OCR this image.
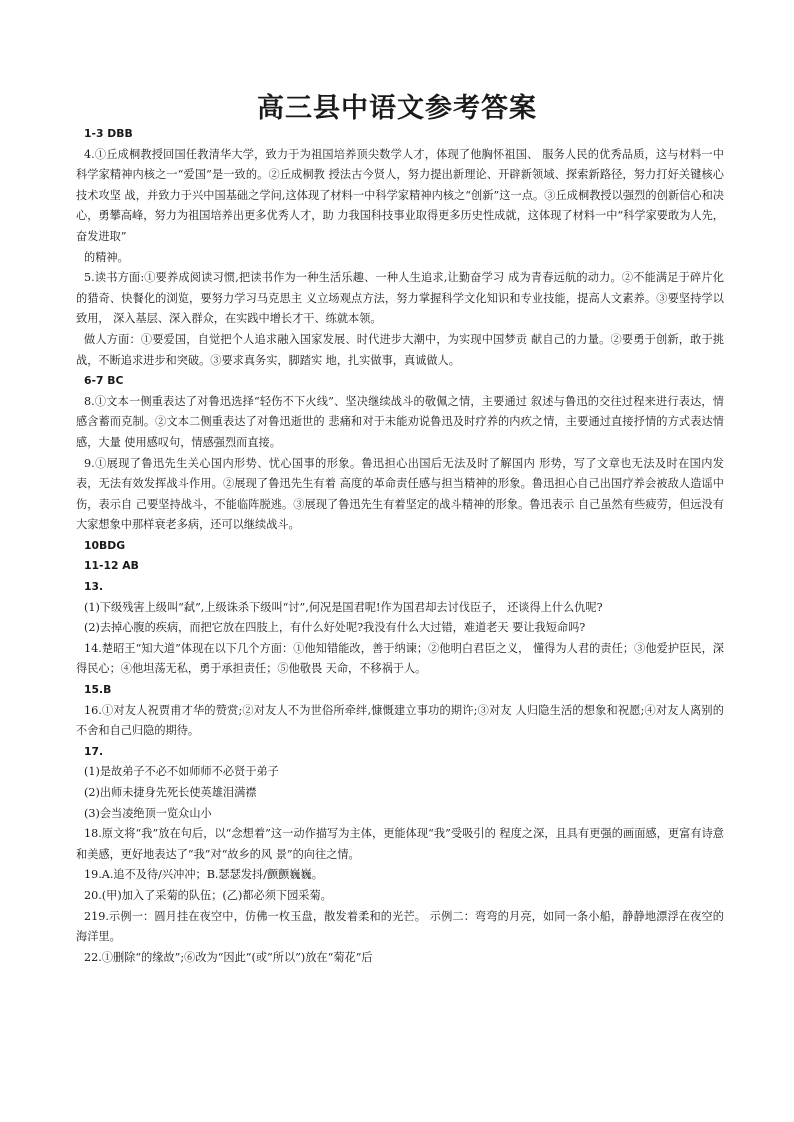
高三县中语文参考答案
1-3 DBB
4.①丘成桐教授回国任教清华大学，致力于为祖国培养顶尖数学人才，体现了他胸怀祖国、 服务人民的优秀品质，这与材料一中科学家精神内核之一“爱国”是一致的。②丘成桐教 授法古今贤人，努力提出新理论、开辟新领域、探索新路径，努力打好关键核心技术攻坚 战，并致力于兴中国基础之学问,这体现了材料一中科学家精神内核之“创新”这一点。③丘成桐教授以强烈的创新信心和决心，勇攀高峰，努力为祖国培养出更多优秀人才，助 力我国科技事业取得更多历史性成就，这体现了材料一中“科学家要敢为人先，奋发进取”
的精神。
5.读书方面:①要养成阅读习惯,把读书作为一种生活乐趣、一种人生追求,让勤奋学习 成为青春远航的动力。②不能满足于碎片化的猎奇、快餐化的浏览，要努力学习马克思主 义立场观点方法，努力掌握科学文化知识和专业技能，提高人文素养。③要坚持学以致用， 深入基层、深入群众，在实践中增长才干、练就本领。
做人方面：①要爱国，自觉把个人追求融入国家发展、时代进步大潮中，为实现中国梦贡 献自己的力量。②要勇于创新，敢于挑战，不断追求进步和突破。③要求真务实，脚踏实 地，扎实做事，真诚做人。
6-7 BC
8.①文本一侧重表达了对鲁迅选择“轻伤不下火线”、坚决继续战斗的敬佩之情，主要通过 叙述与鲁迅的交往过程来进行表达，情感含蓄而克制。②文本二侧重表达了对鲁迅逝世的 悲痛和对于未能劝说鲁迅及时疗养的内疚之情，主要通过直接抒情的方式表达情感，大量 使用感叹句，情感强烈而直接。
9.①展现了鲁迅先生关心国内形势、忧心国事的形象。鲁迅担心出国后无法及时了解国内 形势，写了文章也无法及时在国内发表，无法有效发挥战斗作用。②展现了鲁迅先生有着 高度的革命责任感与担当精神的形象。鲁迅担心自己出国疗养会被敌人造谣中伤，表示自 己要坚持战斗，不能临阵脱逃。③展现了鲁迅先生有着坚定的战斗精神的形象。鲁迅表示 自己虽然有些疲劳，但远没有大家想象中那样衰老多病，还可以继续战斗。
10BDG
11-12 AB
13.
(1)下级残害上级叫“弑”,上级诛杀下级叫“讨”,何况是国君呢!作为国君却去讨伐臣子， 还谈得上什么仇呢?
(2)去掉心腹的疾病，而把它放在四肢上，有什么好处呢?我没有什么大过错，难道老天 要让我短命吗?
14.楚昭王“知大道”体现在以下几个方面：①他知错能改，善于纳谏；②他明白君臣之义， 懂得为人君的责任；③他爱护臣民，深得民心；④他坦荡无私，勇于承担责任；⑤他敬畏 天命，不移祸于人。
15.B
16.①对友人祝贾甫才华的赞赏;②对友人不为世俗所牵绊,慷慨建立事功的期许;③对友 人归隐生活的想象和祝愿;④对友人离别的不舍和自己归隐的期待。
17.
(1)是故弟子不必不如师师不必贤于弟子
(2)出师未捷身先死长使英雄泪满襟
(3)会当凌绝顶一览众山小
18.原文将“我”放在句后，以“念想着”这一动作描写为主体，更能体现“我”受吸引的 程度之深，且具有更强的画面感，更富有诗意和美感，更好地表达了“我”对“故乡的风 景”的向往之情。
19.A.追不及待/兴冲冲；B.瑟瑟发抖/颤颤巍巍。
20.(甲)加入了采菊的队伍；(乙)都必须下园采菊。
219.示例一：圆月挂在夜空中，仿佛一枚玉盘，散发着柔和的光芒。 示例二：弯弯的月亮，如同一条小船，静静地漂浮在夜空的海洋里。
22.①删除“的缘故”;⑥改为“因此”(或“所以”)放在“菊花”后
